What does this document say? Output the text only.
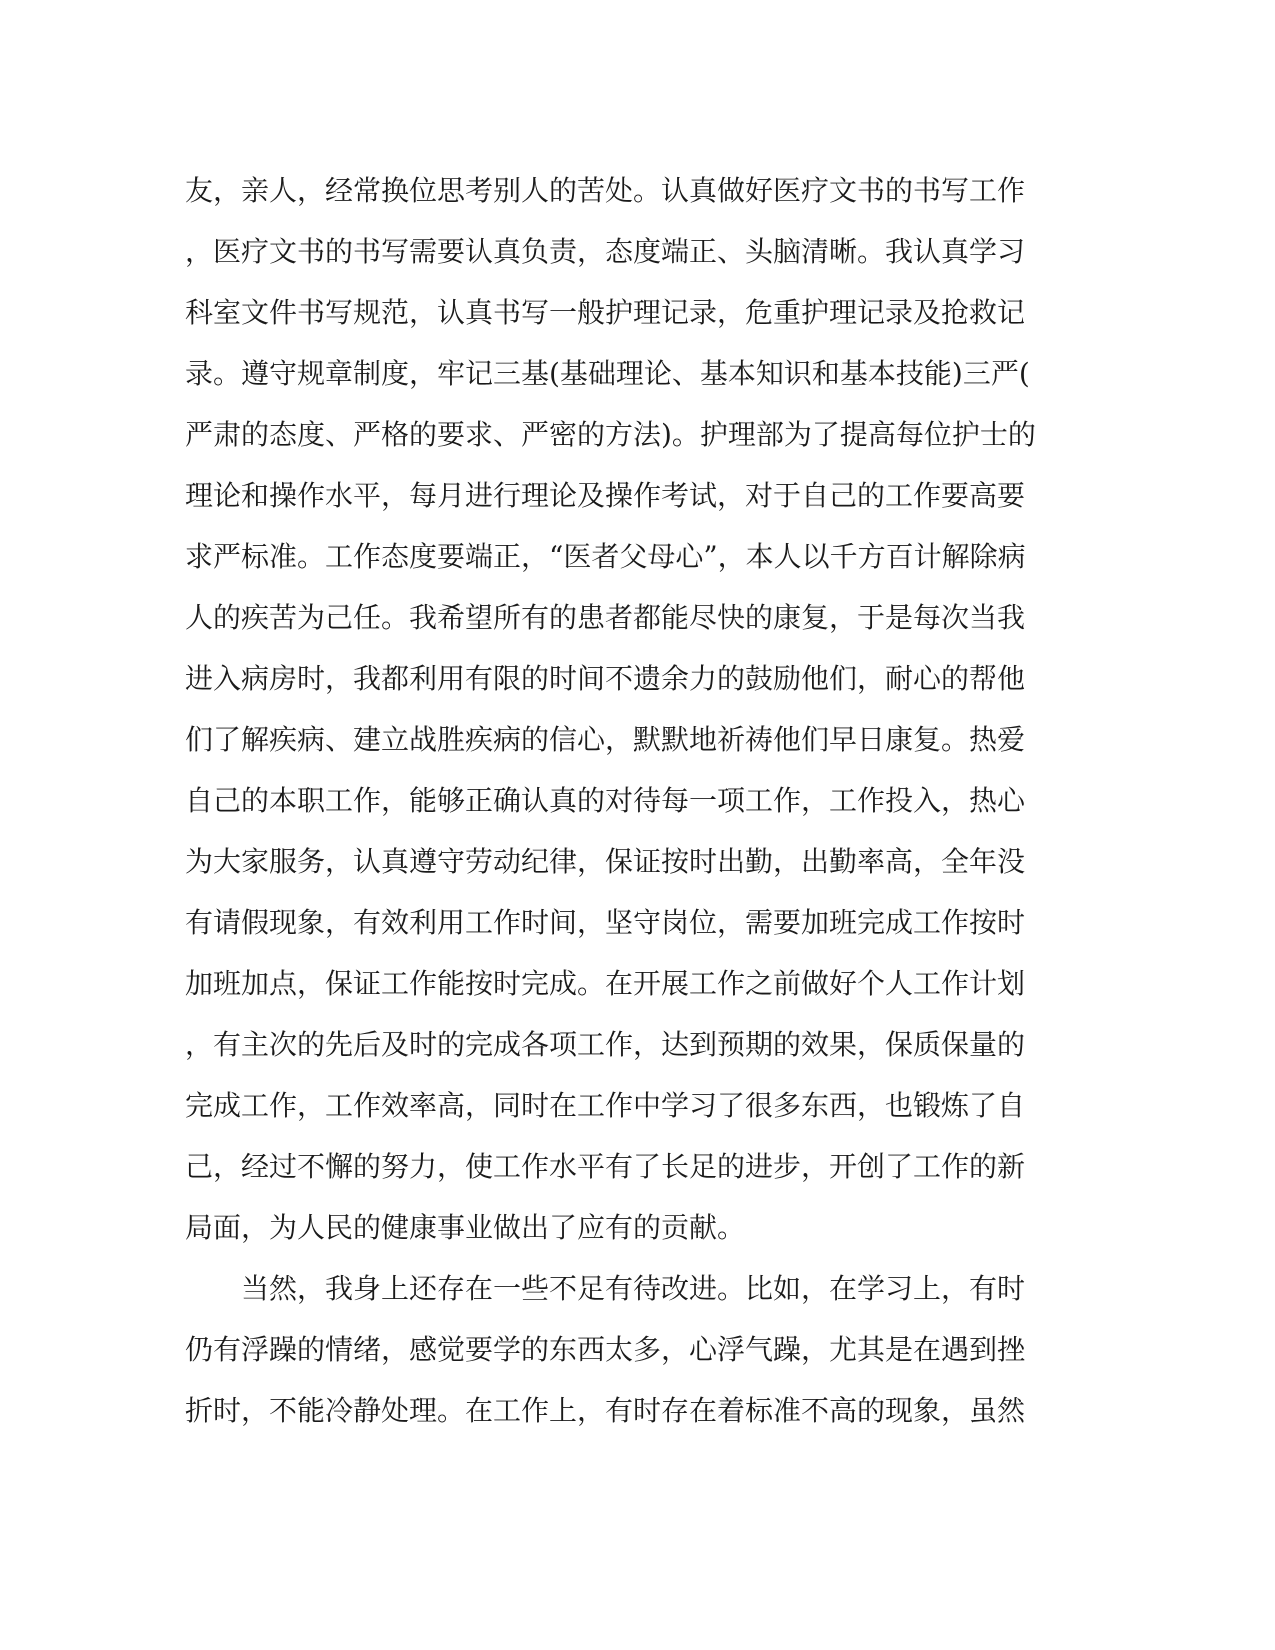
友，亲人，经常换位思考别人的苦处。认真做好医疗文书的书写工作
，医疗文书的书写需要认真负责，态度端正、头脑清晰。我认真学习
科室文件书写规范，认真书写一般护理记录，危重护理记录及抢救记
录。遵守规章制度，牢记三基(基础理论、基本知识和基本技能)三严(
严肃的态度、严格的要求、严密的方法)。护理部为了提高每位护士的
理论和操作水平，每月进行理论及操作考试，对于自己的工作要高要
求严标准。工作态度要端正，“医者父母心”，本人以千方百计解除病
人的疾苦为己任。我希望所有的患者都能尽快的康复，于是每次当我
进入病房时，我都利用有限的时间不遗余力的鼓励他们，耐心的帮他
们了解疾病、建立战胜疾病的信心，默默地祈祷他们早日康复。热爱
自己的本职工作，能够正确认真的对待每一项工作，工作投入，热心
为大家服务，认真遵守劳动纪律，保证按时出勤，出勤率高，全年没
有请假现象，有效利用工作时间，坚守岗位，需要加班完成工作按时
加班加点，保证工作能按时完成。在开展工作之前做好个人工作计划
，有主次的先后及时的完成各项工作，达到预期的效果，保质保量的
完成工作，工作效率高，同时在工作中学习了很多东西，也锻炼了自
己，经过不懈的努力，使工作水平有了长足的进步，开创了工作的新
局面，为人民的健康事业做出了应有的贡献。
　　当然，我身上还存在一些不足有待改进。比如，在学习上，有时
仍有浮躁的情绪，感觉要学的东西太多，心浮气躁，尤其是在遇到挫
折时，不能冷静处理。在工作上，有时存在着标准不高的现象，虽然
